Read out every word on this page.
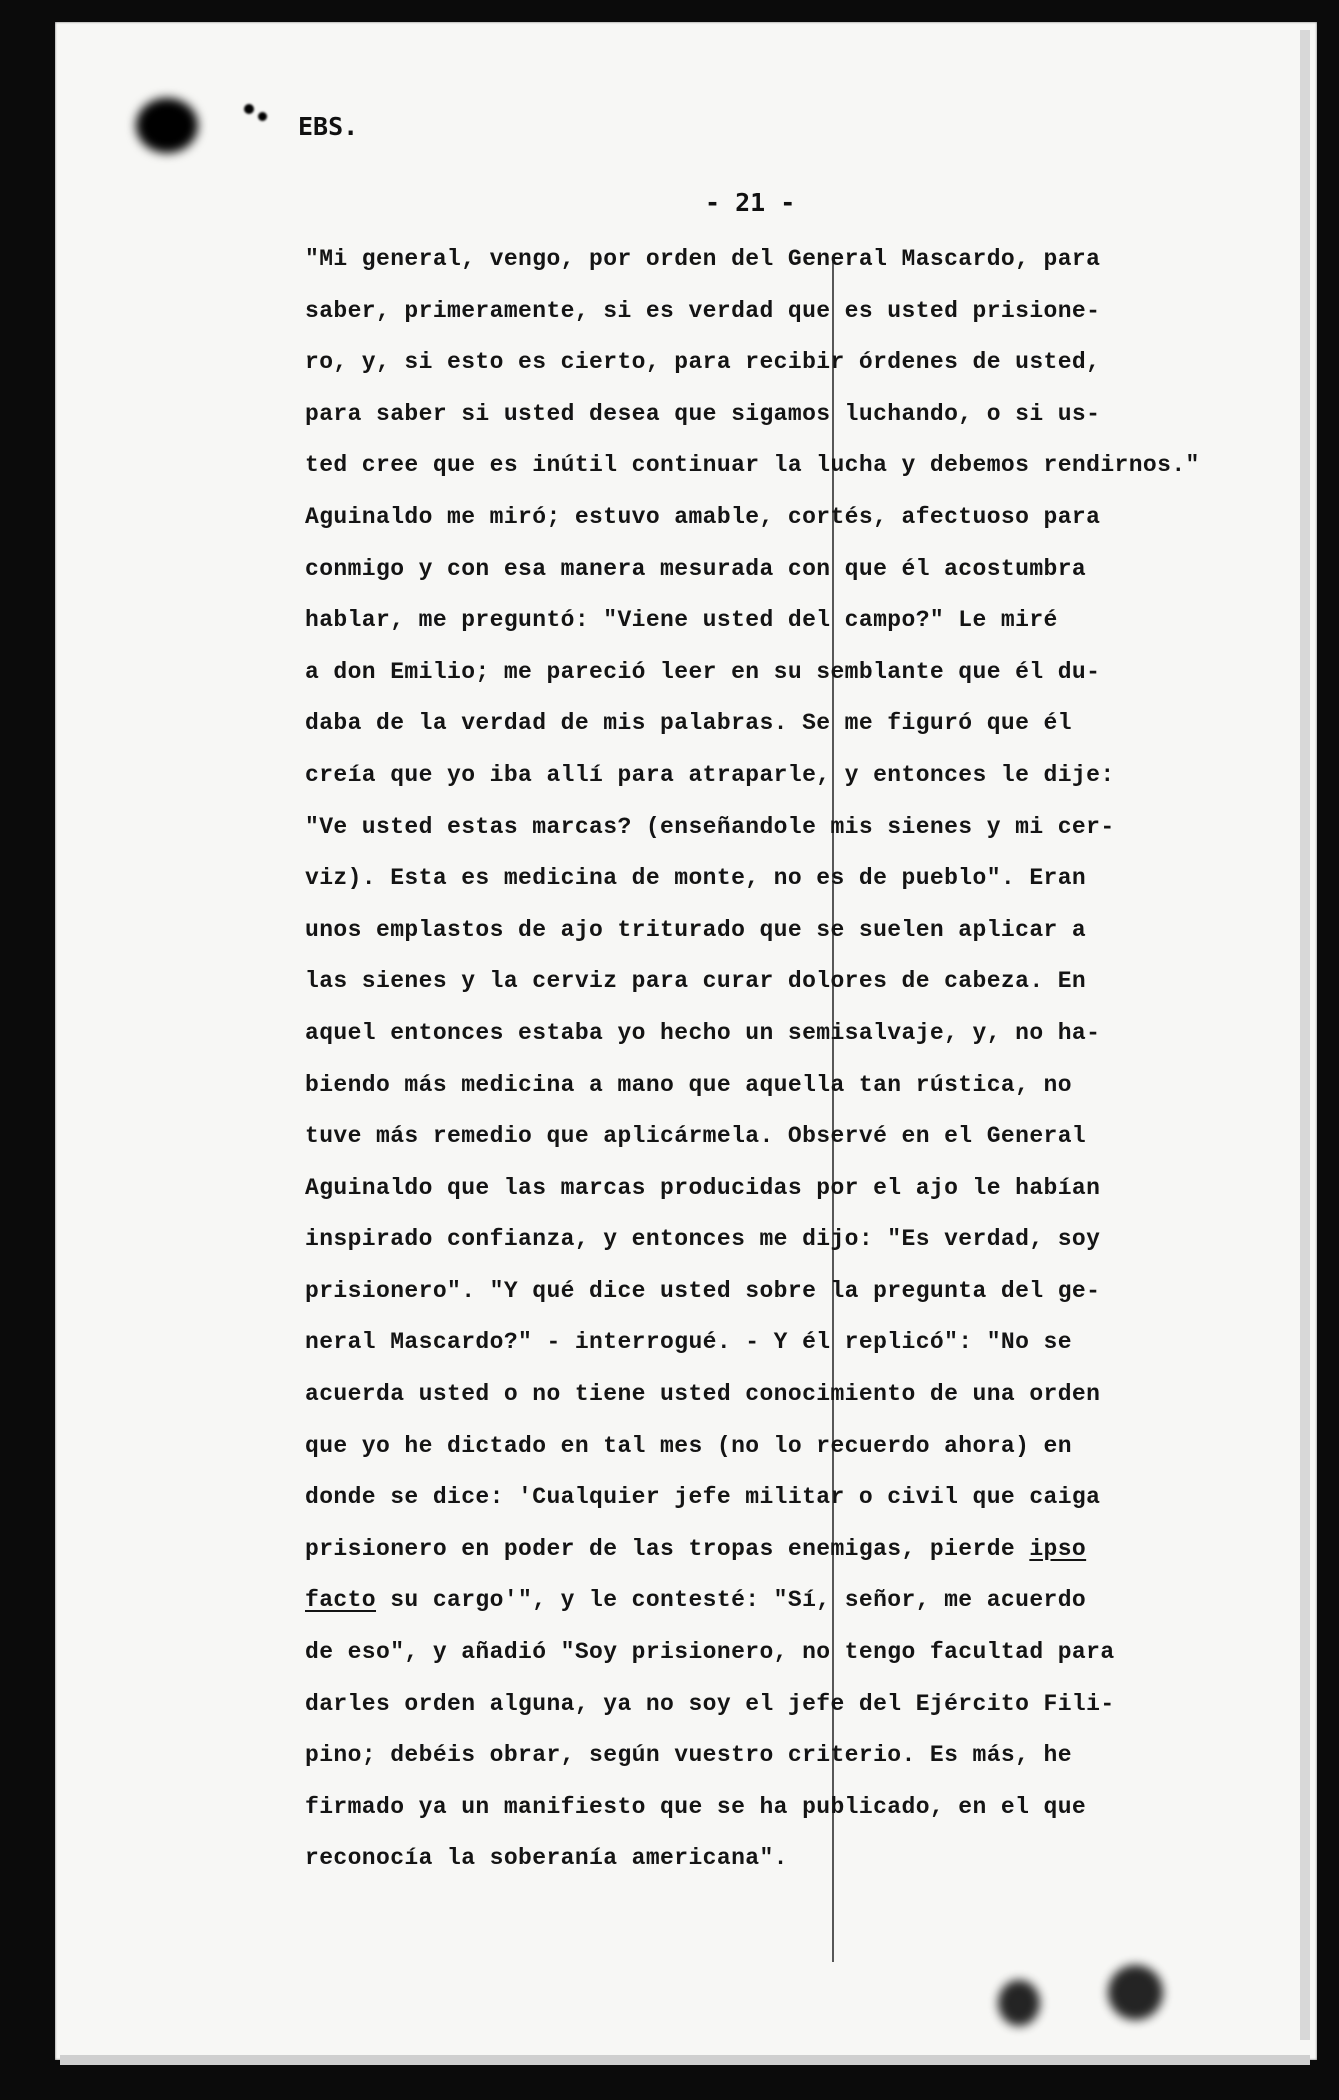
EBS.
- 21 -
"Mi general, vengo, por orden del General Mascardo, para
saber, primeramente, si es verdad que es usted prisione-
ro, y, si esto es cierto, para recibir órdenes de usted,
para saber si usted desea que sigamos luchando, o si us-
ted cree que es inútil continuar la lucha y debemos rendirnos."
Aguinaldo me miró; estuvo amable, cortés, afectuoso para
conmigo y con esa manera mesurada con que él acostumbra
hablar, me preguntó: "Viene usted del campo?" Le miré
a don Emilio; me pareció leer en su semblante que él du-
daba de la verdad de mis palabras. Se me figuró que él
creía que yo iba allí para atraparle, y entonces le dije:
"Ve usted estas marcas? (enseñandole mis sienes y mi cer-
viz). Esta es medicina de monte, no es de pueblo". Eran
unos emplastos de ajo triturado que se suelen aplicar a
las sienes y la cerviz para curar dolores de cabeza. En
aquel entonces estaba yo hecho un semisalvaje, y, no ha-
biendo más medicina a mano que aquella tan rústica, no
tuve más remedio que aplicármela. Observé en el General
Aguinaldo que las marcas producidas por el ajo le habían
inspirado confianza, y entonces me dijo: "Es verdad, soy
prisionero". "Y qué dice usted sobre la pregunta del ge-
neral Mascardo?" - interrogué. - Y él replicó": "No se
acuerda usted o no tiene usted conocimiento de una orden
que yo he dictado en tal mes (no lo recuerdo ahora) en
donde se dice: 'Cualquier jefe militar o civil que caiga
prisionero en poder de las tropas enemigas, pierde ipso
facto su cargo'", y le contesté: "Sí, señor, me acuerdo
de eso", y añadió "Soy prisionero, no tengo facultad para
darles orden alguna, ya no soy el jefe del Ejército Fili-
pino; debéis obrar, según vuestro criterio. Es más, he
firmado ya un manifiesto que se ha publicado, en el que
reconocía la soberanía americana".
